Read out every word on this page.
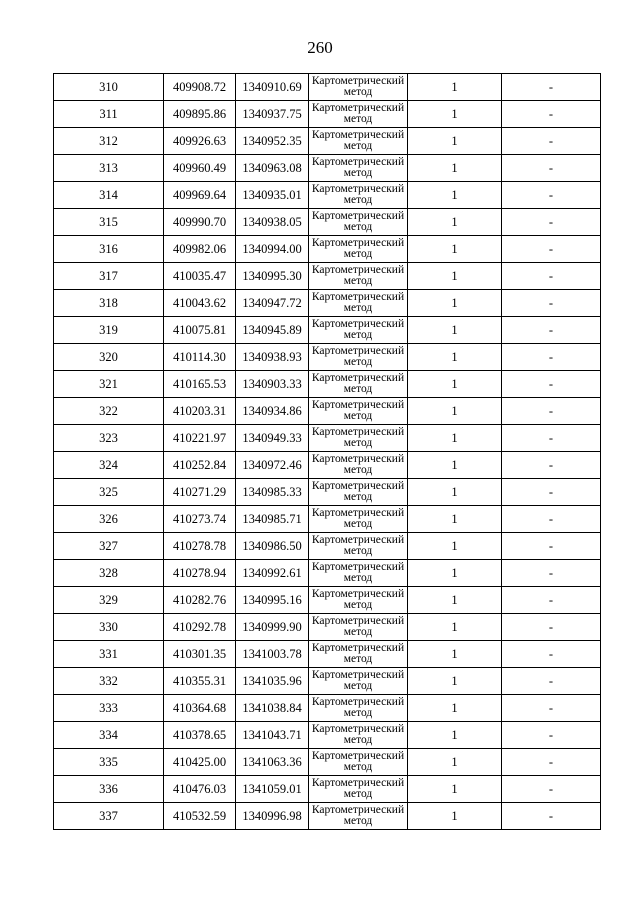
260
310	409908.72	1340910.69	Картометрический метод	1	-
311	409895.86	1340937.75	Картометрический метод	1	-
312	409926.63	1340952.35	Картометрический метод	1	-
313	409960.49	1340963.08	Картометрический метод	1	-
314	409969.64	1340935.01	Картометрический метод	1	-
315	409990.70	1340938.05	Картометрический метод	1	-
316	409982.06	1340994.00	Картометрический метод	1	-
317	410035.47	1340995.30	Картометрический метод	1	-
318	410043.62	1340947.72	Картометрический метод	1	-
319	410075.81	1340945.89	Картометрический метод	1	-
320	410114.30	1340938.93	Картометрический метод	1	-
321	410165.53	1340903.33	Картометрический метод	1	-
322	410203.31	1340934.86	Картометрический метод	1	-
323	410221.97	1340949.33	Картометрический метод	1	-
324	410252.84	1340972.46	Картометрический метод	1	-
325	410271.29	1340985.33	Картометрический метод	1	-
326	410273.74	1340985.71	Картометрический метод	1	-
327	410278.78	1340986.50	Картометрический метод	1	-
328	410278.94	1340992.61	Картометрический метод	1	-
329	410282.76	1340995.16	Картометрический метод	1	-
330	410292.78	1340999.90	Картометрический метод	1	-
331	410301.35	1341003.78	Картометрический метод	1	-
332	410355.31	1341035.96	Картометрический метод	1	-
333	410364.68	1341038.84	Картометрический метод	1	-
334	410378.65	1341043.71	Картометрический метод	1	-
335	410425.00	1341063.36	Картометрический метод	1	-
336	410476.03	1341059.01	Картометрический метод	1	-
337	410532.59	1340996.98	Картометрический метод	1	-
